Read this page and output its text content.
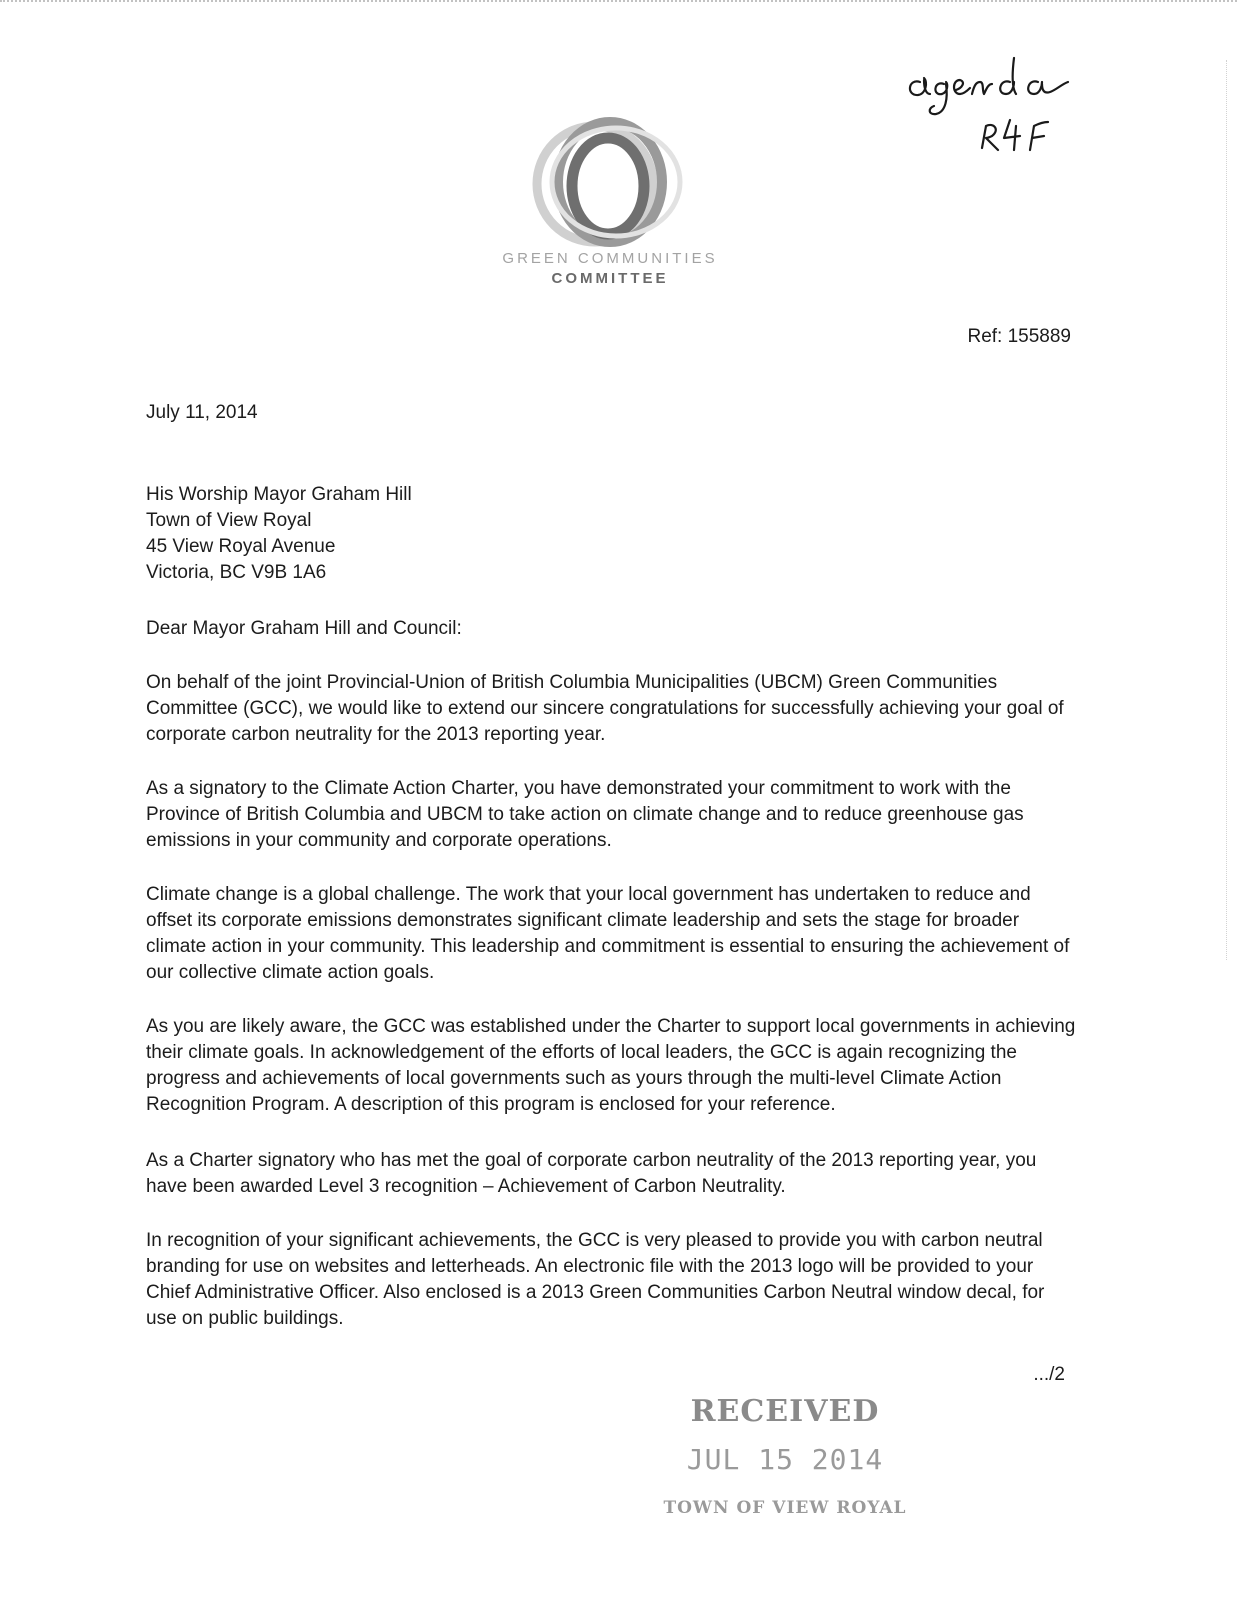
GREEN COMMUNITIES
COMMITTEE
Ref: 155889
July 11, 2014
His Worship Mayor Graham Hill
Town of View Royal
45 View Royal Avenue
Victoria, BC V9B 1A6
Dear Mayor Graham Hill and Council:
On behalf of the joint Provincial-Union of British Columbia Municipalities (UBCM) Green Communities Committee (GCC), we would like to extend our sincere congratulations for successfully achieving your goal of corporate carbon neutrality for the 2013 reporting year.
As a signatory to the Climate Action Charter, you have demonstrated your commitment to work with the Province of British Columbia and UBCM to take action on climate change and to reduce greenhouse gas emissions in your community and corporate operations.
Climate change is a global challenge. The work that your local government has undertaken to reduce and offset its corporate emissions demonstrates significant climate leadership and sets the stage for broader climate action in your community. This leadership and commitment is essential to ensuring the achievement of our collective climate action goals.
As you are likely aware, the GCC was established under the Charter to support local governments in achieving their climate goals. In acknowledgement of the efforts of local leaders, the GCC is again recognizing the progress and achievements of local governments such as yours through the multi-level Climate Action Recognition Program. A description of this program is enclosed for your reference.
As a Charter signatory who has met the goal of corporate carbon neutrality of the 2013 reporting year, you have been awarded Level 3 recognition – Achievement of Carbon Neutrality.
In recognition of your significant achievements, the GCC is very pleased to provide you with carbon neutral branding for use on websites and letterheads. An electronic file with the 2013 logo will be provided to your Chief Administrative Officer. Also enclosed is a 2013 Green Communities Carbon Neutral window decal, for use on public buildings.
.../2
RECEIVED
JUL 15 2014
TOWN OF VIEW ROYAL
